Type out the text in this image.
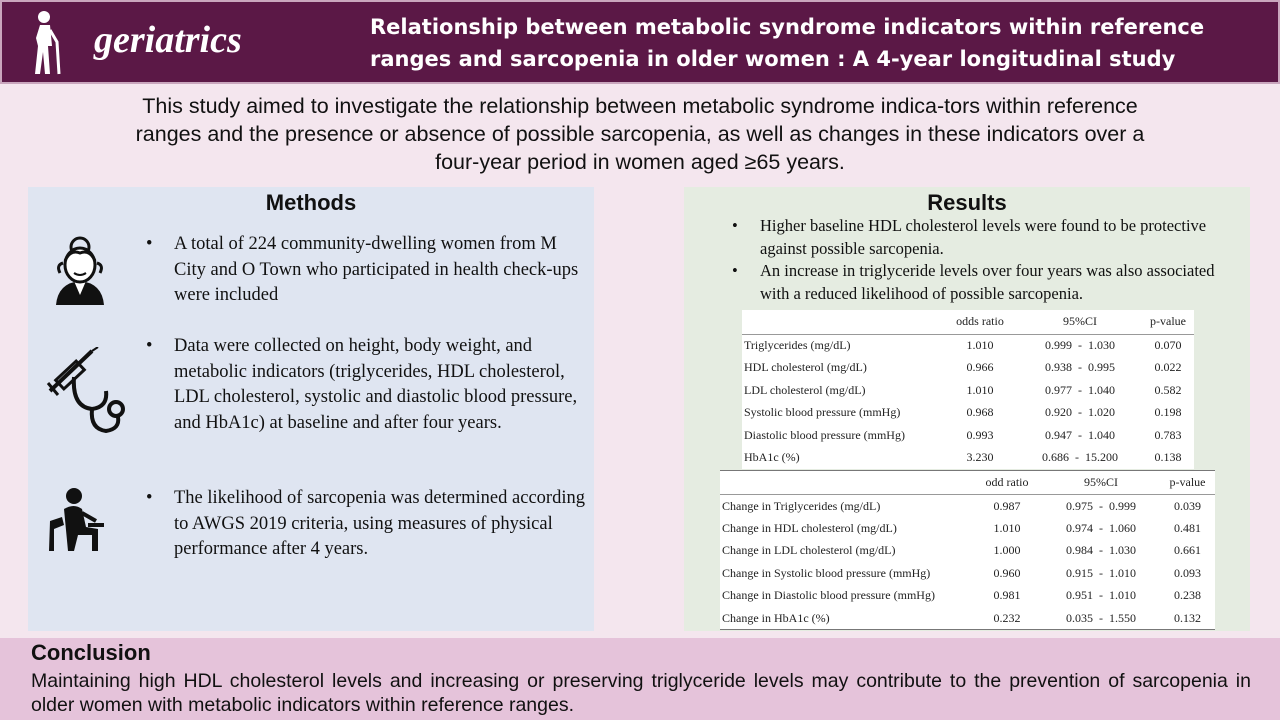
geriatrics	Relationship between metabolic syndrome indicators within reference ranges and sarcopenia in older women : A 4-year longitudinal study
This study aimed to investigate the relationship between metabolic syndrome indica-tors within reference ranges and the presence or absence of possible sarcopenia, as well as changes in these indicators over a four-year period in women aged ≥65 years.
Methods
• A total of 224 community-dwelling women from M City and O Town who participated in health check-ups were included
• Data were collected on height, body weight, and metabolic indicators (triglycerides, HDL cholesterol, LDL cholesterol, systolic and diastolic blood pressure, and HbA1c) at baseline and after four years.
• The likelihood of sarcopenia was determined according to AWGS 2019 criteria, using measures of physical performance after 4 years.
Results
• Higher baseline HDL cholesterol levels were found to be protective against possible sarcopenia.
• An increase in triglyceride levels over four years was also associated with a reduced likelihood of possible sarcopenia.
	odds ratio	95%CI	p-value
Triglycerides (mg/dL)	1.010	0.999 - 1.030	0.070
HDL cholesterol (mg/dL)	0.966	0.938 - 0.995	0.022
LDL cholesterol (mg/dL)	1.010	0.977 - 1.040	0.582
Systolic blood pressure (mmHg)	0.968	0.920 - 1.020	0.198
Diastolic blood pressure (mmHg)	0.993	0.947 - 1.040	0.783
HbA1c (%)	3.230	0.686 - 15.200	0.138
	odd ratio	95%CI	p-value
Change in Triglycerides (mg/dL)	0.987	0.975 - 0.999	0.039
Change in HDL cholesterol (mg/dL)	1.010	0.974 - 1.060	0.481
Change in LDL cholesterol (mg/dL)	1.000	0.984 - 1.030	0.661
Change in Systolic blood pressure (mmHg)	0.960	0.915 - 1.010	0.093
Change in Diastolic blood pressure (mmHg)	0.981	0.951 - 1.010	0.238
Change in HbA1c (%)	0.232	0.035 - 1.550	0.132
Conclusion

Maintaining high HDL cholesterol levels and increasing or preserving triglyceride levels may contribute to the prevention of sarcopenia in older women with metabolic indicators within reference ranges.
